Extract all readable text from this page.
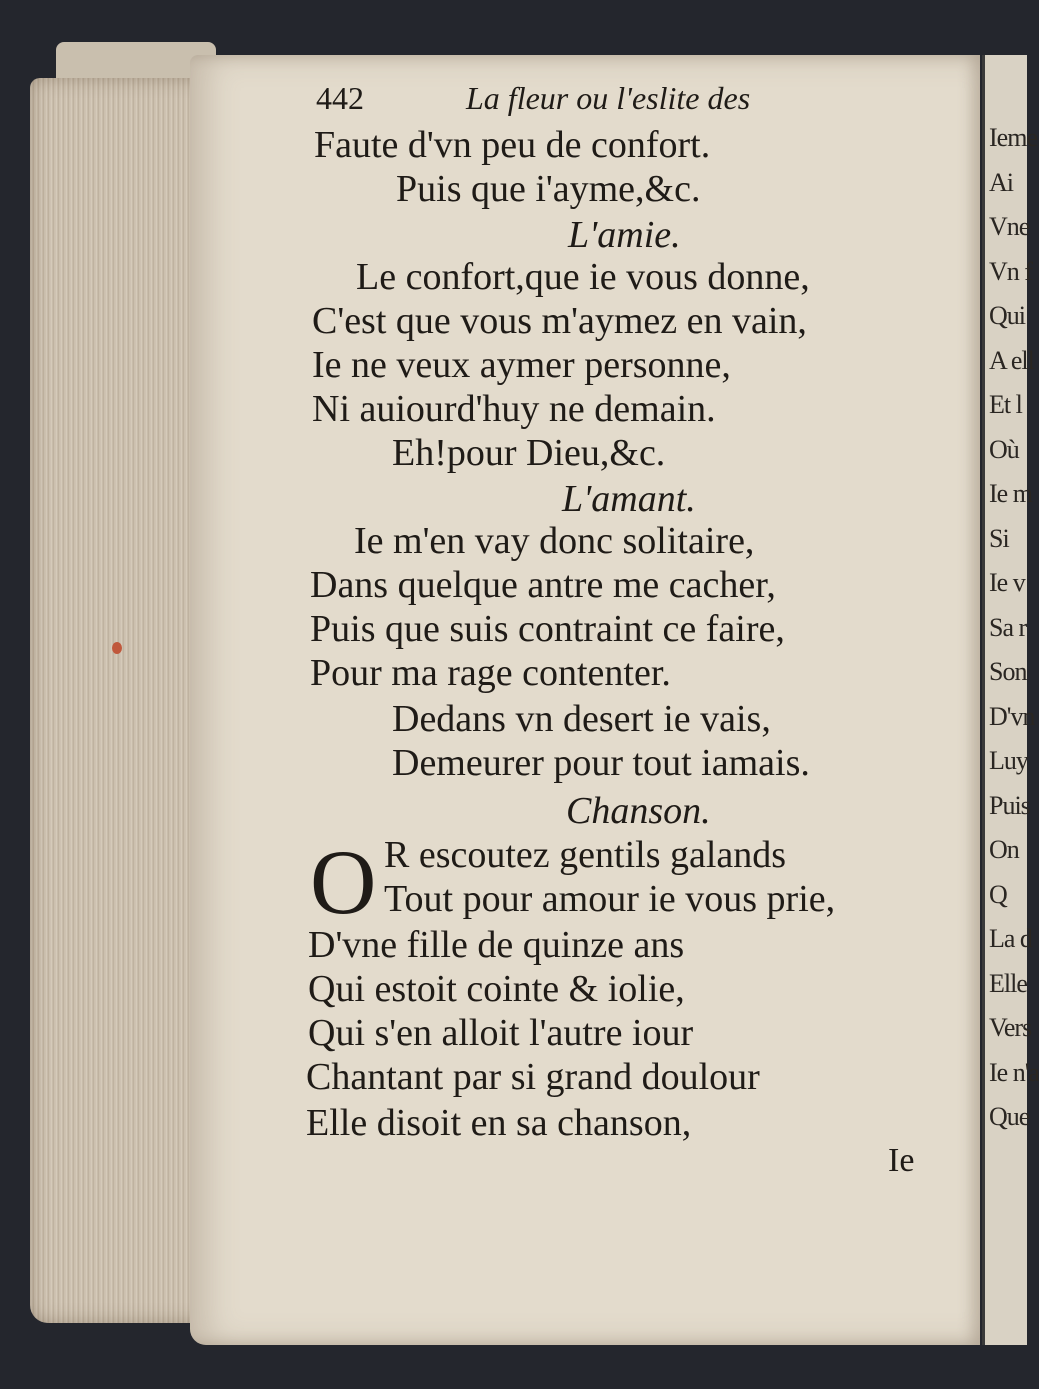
Ieme
Ai
Vne
Vn f
Qui
A ell
Et l
Où
Ie m
Si
Ie v
Sa r
Son
D'vn
Luy
Puis
On
Q
La d
Elle
Vers
Ie n'a
Que
442	La fleur ou l'eslite des
Faute d'vn peu de confort.
Puis que i'ayme,&c.
L'amie.
Le confort,que ie vous donne,
C'est que vous m'aymez en vain,
Ie ne veux aymer personne,
Ni auiourd'huy ne demain.
Eh!pour Dieu,&c.
L'amant.
Ie m'en vay donc solitaire,
Dans quelque antre me cacher,
Puis que suis contraint ce faire,
Pour ma rage contenter.
Dedans vn desert ie vais,
Demeurer pour tout iamais.
Chanson.
O R escoutez gentils galands
Tout pour amour ie vous prie,
D'vne fille de quinze ans
Qui estoit cointe & iolie,
Qui s'en alloit l'autre iour
Chantant par si grand doulour
Elle disoit en sa chanson,
Ie
